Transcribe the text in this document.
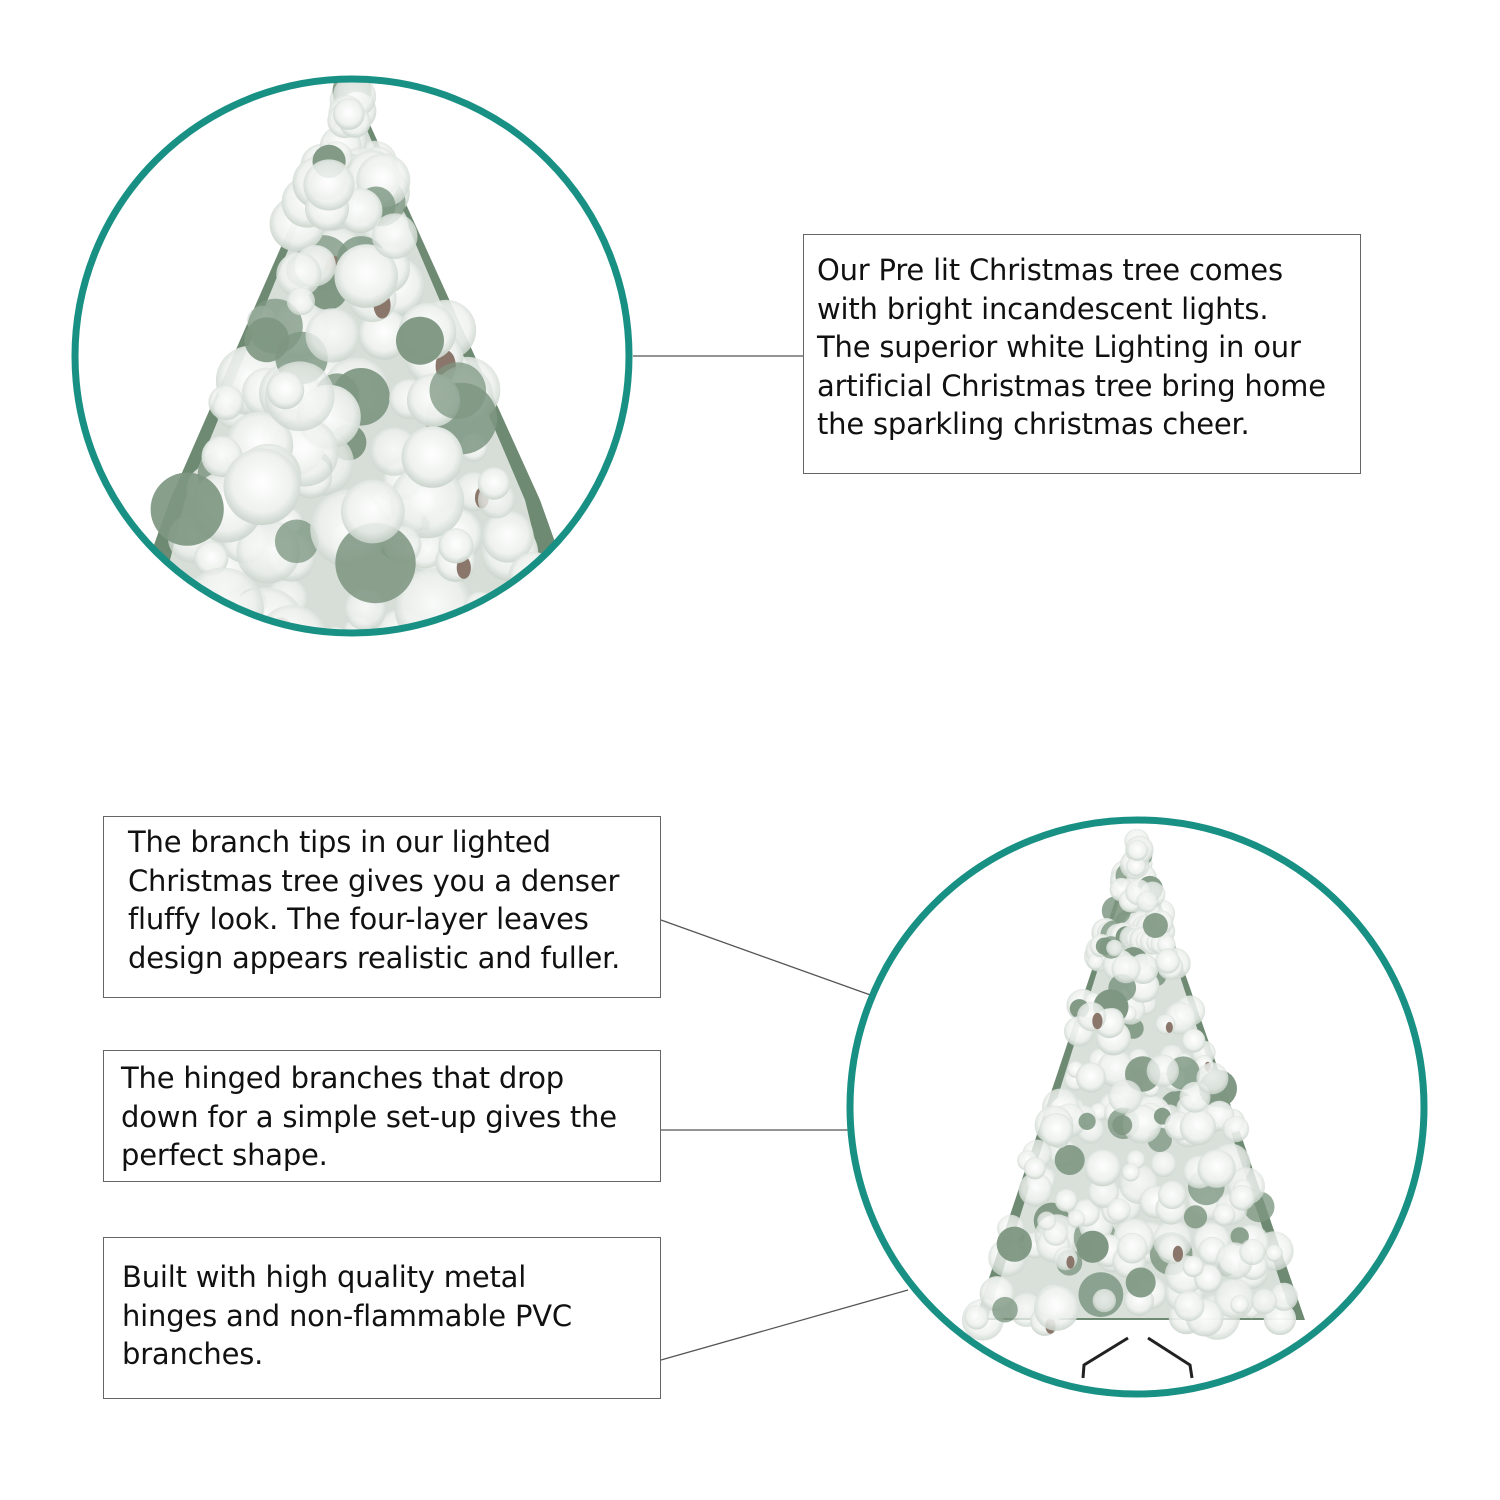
Our Pre lit Christmas tree comes
with bright incandescent lights.
The superior white Lighting in our
artificial Christmas tree bring home
the sparkling christmas cheer.
The branch tips in our lighted
Christmas tree gives you a denser
fluffy look. The four-layer leaves
design appears realistic and fuller.
The hinged branches that drop
down for a simple set-up gives the
perfect shape.
Built with high quality metal
hinges and non-flammable PVC
branches.
